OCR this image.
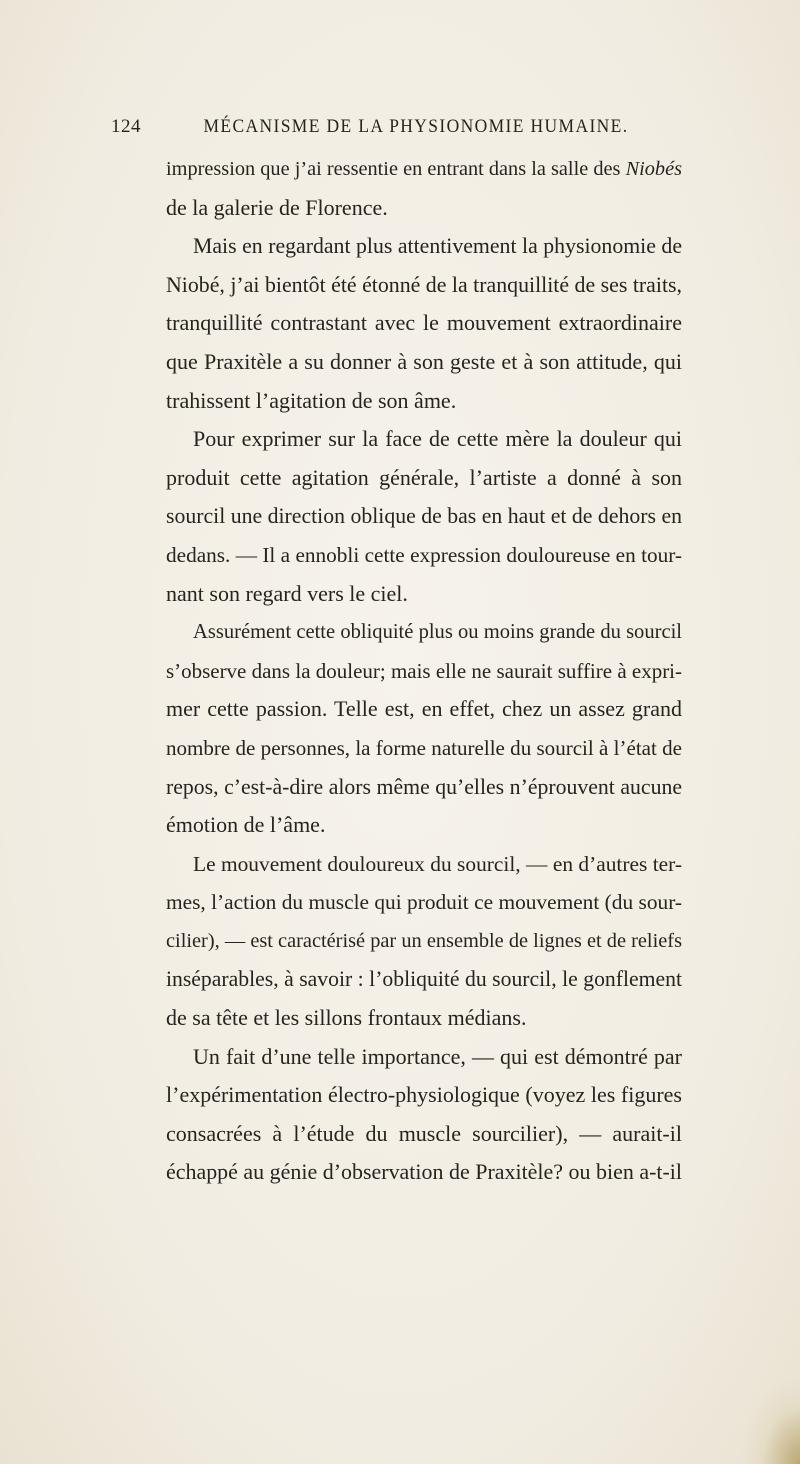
124	MÉCANISME DE LA PHYSIONOMIE HUMAINE.
impression que j’ai ressentie en entrant dans la salle des Niobés
de la galerie de Florence.
Mais en regardant plus attentivement la physionomie de
Niobé, j’ai bientôt été étonné de la tranquillité de ses traits,
tranquillité contrastant avec le mouvement extraordinaire
que Praxitèle a su donner à son geste et à son attitude, qui
trahissent l’agitation de son âme.
Pour exprimer sur la face de cette mère la douleur qui
produit cette agitation générale, l’artiste a donné à son
sourcil une direction oblique de bas en haut et de dehors en
dedans. — Il a ennobli cette expression douloureuse en tour-
nant son regard vers le ciel.
Assurément cette obliquité plus ou moins grande du sourcil
s’observe dans la douleur; mais elle ne saurait suffire à expri-
mer cette passion. Telle est, en effet, chez un assez grand
nombre de personnes, la forme naturelle du sourcil à l’état de
repos, c’est-à-dire alors même qu’elles n’éprouvent aucune
émotion de l’âme.
Le mouvement douloureux du sourcil, — en d’autres ter-
mes, l’action du muscle qui produit ce mouvement (du sour-
cilier), — est caractérisé par un ensemble de lignes et de reliefs
inséparables, à savoir : l’obliquité du sourcil, le gonflement
de sa tête et les sillons frontaux médians.
Un fait d’une telle importance, — qui est démontré par
l’expérimentation électro-physiologique (voyez les figures
consacrées à l’étude du muscle sourcilier), — aurait-il
échappé au génie d’observation de Praxitèle? ou bien a-t-il
